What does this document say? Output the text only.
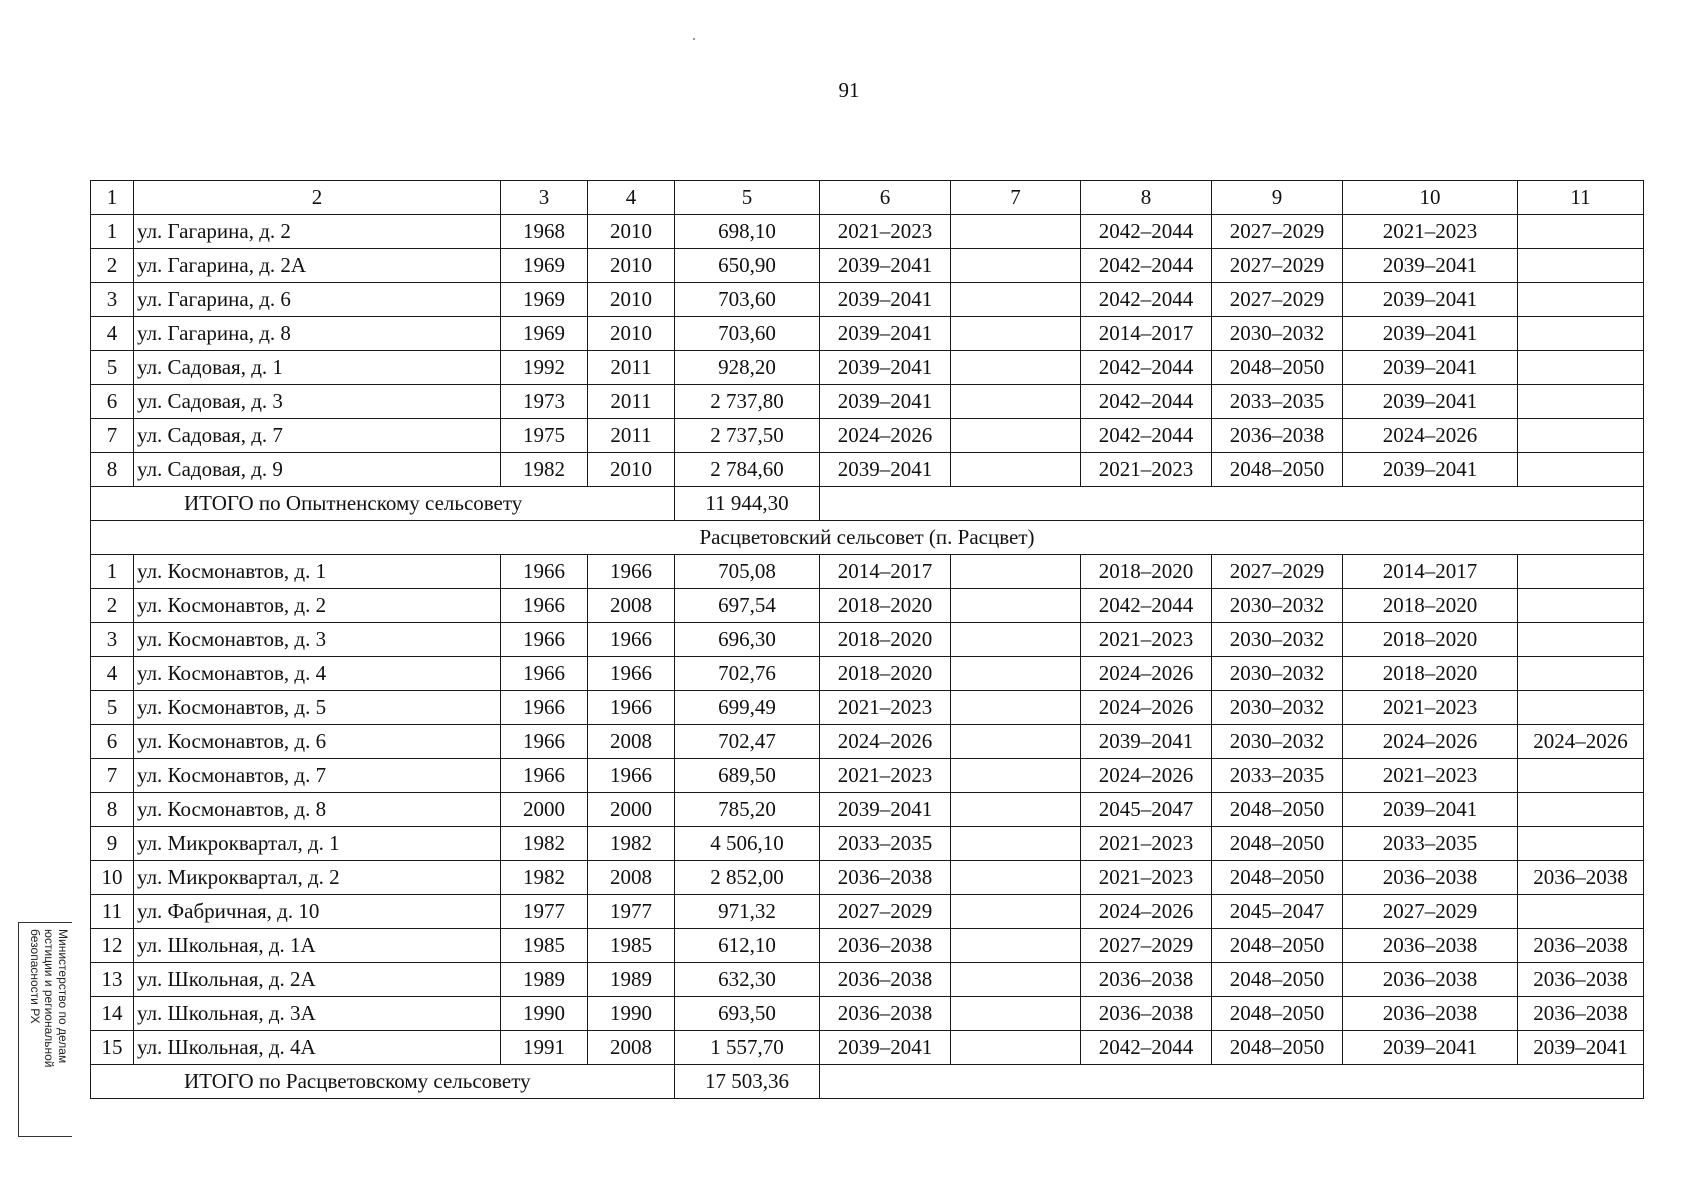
91
1	2	3	4	5	6	7	8	9	10	11
1	ул. Гагарина, д. 2	1968	2010	698,10	2021–2023		2042–2044	2027–2029	2021–2023	
2	ул. Гагарина, д. 2А	1969	2010	650,90	2039–2041		2042–2044	2027–2029	2039–2041	
3	ул. Гагарина, д. 6	1969	2010	703,60	2039–2041		2042–2044	2027–2029	2039–2041	
4	ул. Гагарина, д. 8	1969	2010	703,60	2039–2041		2014–2017	2030–2032	2039–2041	
5	ул. Садовая, д. 1	1992	2011	928,20	2039–2041		2042–2044	2048–2050	2039–2041	
6	ул. Садовая, д. 3	1973	2011	2 737,80	2039–2041		2042–2044	2033–2035	2039–2041	
7	ул. Садовая, д. 7	1975	2011	2 737,50	2024–2026		2042–2044	2036–2038	2024–2026	
8	ул. Садовая, д. 9	1982	2010	2 784,60	2039–2041		2021–2023	2048–2050	2039–2041	
ИТОГО по Опытненскому сельсовету				11 944,30						
Расцветовский сельсовет (п. Расцвет)										
1	ул. Космонавтов, д. 1	1966	1966	705,08	2014–2017		2018–2020	2027–2029	2014–2017	
2	ул. Космонавтов, д. 2	1966	2008	697,54	2018–2020		2042–2044	2030–2032	2018–2020	
3	ул. Космонавтов, д. 3	1966	1966	696,30	2018–2020		2021–2023	2030–2032	2018–2020	
4	ул. Космонавтов, д. 4	1966	1966	702,76	2018–2020		2024–2026	2030–2032	2018–2020	
5	ул. Космонавтов, д. 5	1966	1966	699,49	2021–2023		2024–2026	2030–2032	2021–2023	
6	ул. Космонавтов, д. 6	1966	2008	702,47	2024–2026		2039–2041	2030–2032	2024–2026	2024–2026
7	ул. Космонавтов, д. 7	1966	1966	689,50	2021–2023		2024–2026	2033–2035	2021–2023	
8	ул. Космонавтов, д. 8	2000	2000	785,20	2039–2041		2045–2047	2048–2050	2039–2041	
9	ул. Микроквартал, д. 1	1982	1982	4 506,10	2033–2035		2021–2023	2048–2050	2033–2035	
10	ул. Микроквартал, д. 2	1982	2008	2 852,00	2036–2038		2021–2023	2048–2050	2036–2038	2036–2038
11	ул. Фабричная, д. 10	1977	1977	971,32	2027–2029		2024–2026	2045–2047	2027–2029	
12	ул. Школьная, д. 1А	1985	1985	612,10	2036–2038		2027–2029	2048–2050	2036–2038	2036–2038
13	ул. Школьная, д. 2А	1989	1989	632,30	2036–2038		2036–2038	2048–2050	2036–2038	2036–2038
14	ул. Школьная, д. 3А	1990	1990	693,50	2036–2038		2036–2038	2048–2050	2036–2038	2036–2038
15	ул. Школьная, д. 4А	1991	2008	1 557,70	2039–2041		2042–2044	2048–2050	2039–2041	2039–2041
ИТОГО по Расцветовскому сельсовету				17 503,36						
Министерство по делам
юстиции и региональной
безопасности РХ
